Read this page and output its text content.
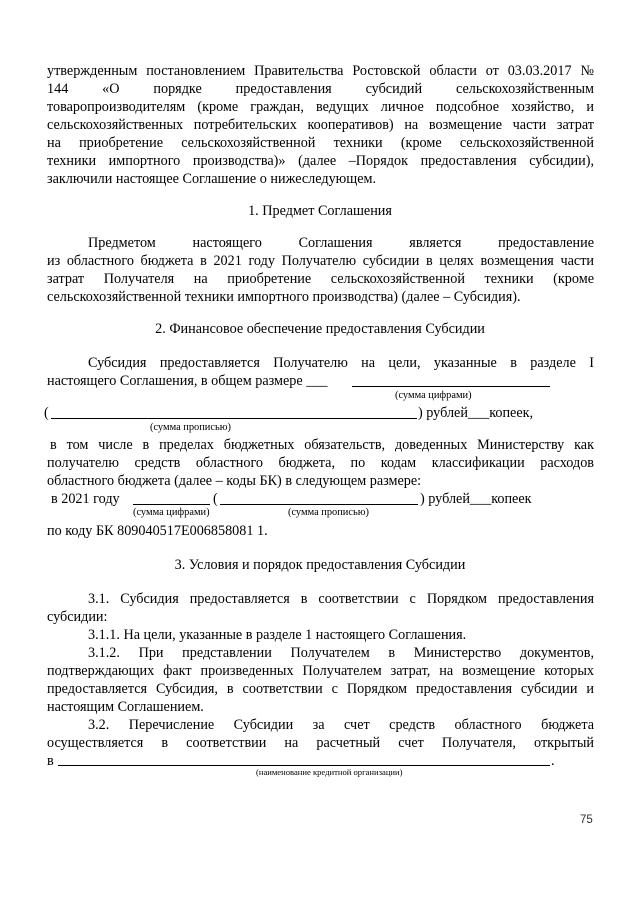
утвержденным постановлением Правительства Ростовской области от 03.03.2017 №
144 «О порядке предоставления субсидий сельскохозяйственным
товаропроизводителям (кроме граждан, ведущих личное подсобное хозяйство, и
сельскохозяйственных потребительских кооперативов) на возмещение части затрат
на приобретение сельскохозяйственной техники (кроме сельскохозяйственной
техники импортного производства)» (далее –Порядок предоставления субсидии),
заключили настоящее Соглашение о нижеследующем.
1. Предмет Соглашения
Предметом настоящего Соглашения является предоставление
из областного бюджета в 2021 году Получателю субсидии в целях возмещения части
затрат Получателя на приобретение сельскохозяйственной техники (кроме
сельскохозяйственной техники импортного производства) (далее – Субсидия).
2. Финансовое обеспечение предоставления Субсидии
Субсидия предоставляется Получателю на цели, указанные в разделе I
настоящего Соглашения, в общем размере ___
(сумма цифрами)
(	) рублей___копеек,
(сумма прописью)
в том числе в пределах бюджетных обязательств, доведенных Министерству как
получателю средств областного бюджета, по кодам классификации расходов
областного бюджета (далее – коды БК) в следующем размере:
в 2021 году	(	) рублей___копеек
(сумма цифрами)	(сумма прописью)
по коду БК 809040517Е006858081 1.
3. Условия и порядок предоставления Субсидии
3.1. Субсидия предоставляется в соответствии с Порядком предоставления
субсидии:
3.1.1. На цели, указанные в разделе 1 настоящего Соглашения.
3.1.2. При представлении Получателем в Министерство документов,
подтверждающих факт произведенных Получателем затрат, на возмещение которых
предоставляется Субсидия, в соответствии с Порядком предоставления субсидии и
настоящим Соглашением.
3.2. Перечисление Субсидии за счет средств областного бюджета
осуществляется в соответствии на расчетный счет Получателя, открытый
в	.
(наименование кредитной организации)
75
